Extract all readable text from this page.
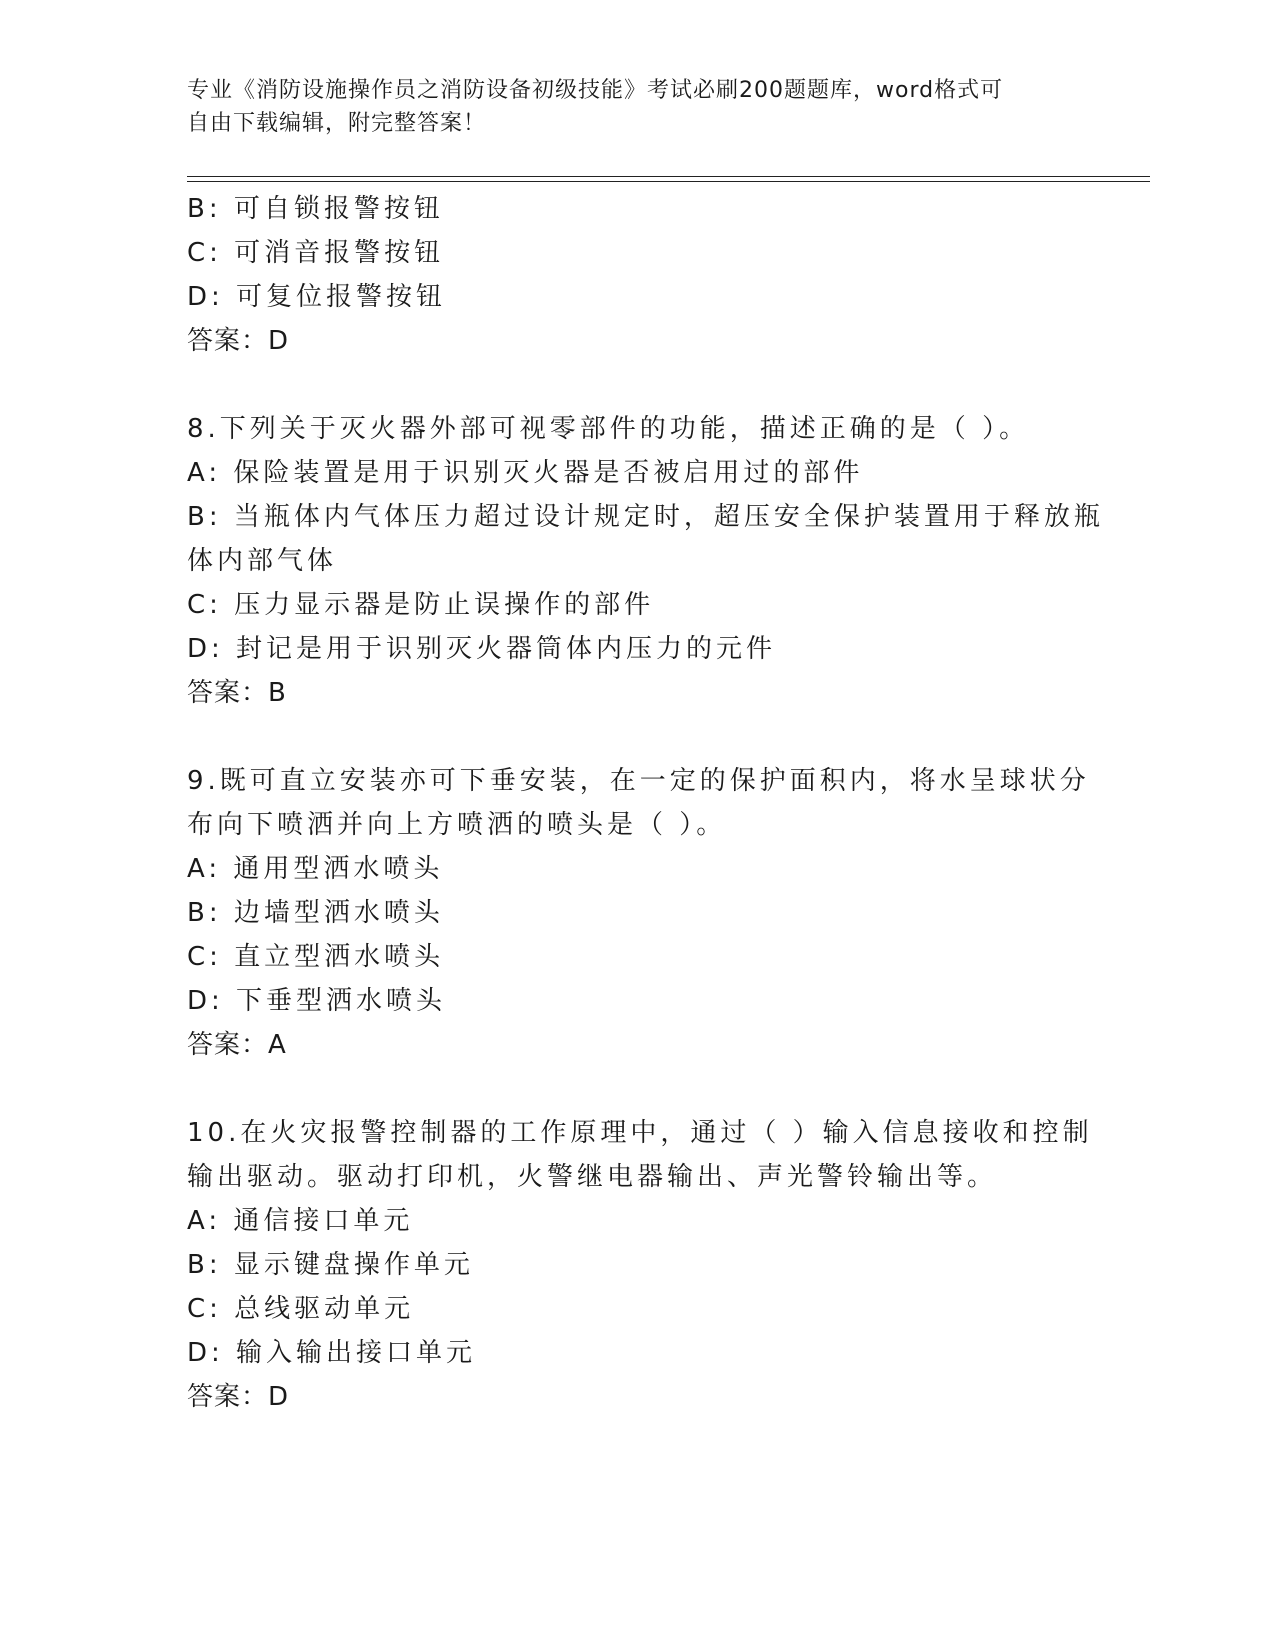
专业《消防设施操作员之消防设备初级技能》考试必刷200题题库，word格式可
自由下载编辑，附完整答案！
B: 可自锁报警按钮
C: 可消音报警按钮
D: 可复位报警按钮
答案：D
8.下列关于灭火器外部可视零部件的功能，描述正确的是（ ）。
A: 保险装置是用于识别灭火器是否被启用过的部件
B: 当瓶体内气体压力超过设计规定时，超压安全保护装置用于释放瓶
体内部气体
C: 压力显示器是防止误操作的部件
D: 封记是用于识别灭火器筒体内压力的元件
答案：B
9.既可直立安装亦可下垂安装，在一定的保护面积内，将水呈球状分
布向下喷洒并向上方喷洒的喷头是（ ）。
A: 通用型洒水喷头
B: 边墙型洒水喷头
C: 直立型洒水喷头
D: 下垂型洒水喷头
答案：A
10.在火灾报警控制器的工作原理中，通过（ ）输入信息接收和控制
输出驱动。驱动打印机，火警继电器输出、声光警铃输出等。
A: 通信接口单元
B: 显示键盘操作单元
C: 总线驱动单元
D: 输入输出接口单元
答案：D
